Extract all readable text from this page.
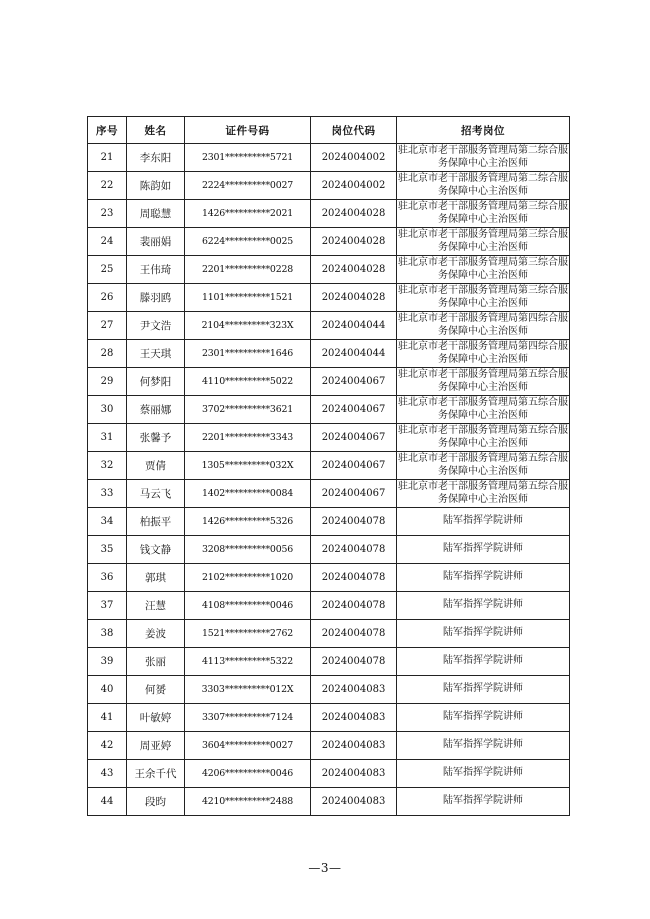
序号	姓名	证件号码	岗位代码	招考岗位
21	李东阳	2301**********5721	2024004002	驻北京市老干部服务管理局第二综合服务保障中心主治医师
22	陈韵如	2224**********0027	2024004002	驻北京市老干部服务管理局第二综合服务保障中心主治医师
23	周聪慧	1426**********2021	2024004028	驻北京市老干部服务管理局第三综合服务保障中心主治医师
24	裴丽娟	6224**********0025	2024004028	驻北京市老干部服务管理局第三综合服务保障中心主治医师
25	王伟琦	2201**********0228	2024004028	驻北京市老干部服务管理局第三综合服务保障中心主治医师
26	滕羽鸥	1101**********1521	2024004028	驻北京市老干部服务管理局第三综合服务保障中心主治医师
27	尹文浩	2104**********323X	2024004044	驻北京市老干部服务管理局第四综合服务保障中心主治医师
28	王天琪	2301**********1646	2024004044	驻北京市老干部服务管理局第四综合服务保障中心主治医师
29	何梦阳	4110**********5022	2024004067	驻北京市老干部服务管理局第五综合服务保障中心主治医师
30	蔡丽娜	3702**********3621	2024004067	驻北京市老干部服务管理局第五综合服务保障中心主治医师
31	张馨予	2201**********3343	2024004067	驻北京市老干部服务管理局第五综合服务保障中心主治医师
32	贾倩	1305**********032X	2024004067	驻北京市老干部服务管理局第五综合服务保障中心主治医师
33	马云飞	1402**********0084	2024004067	驻北京市老干部服务管理局第五综合服务保障中心主治医师
34	柏振平	1426**********5326	2024004078	陆军指挥学院讲师
35	钱文静	3208**********0056	2024004078	陆军指挥学院讲师
36	郭琪	2102**********1020	2024004078	陆军指挥学院讲师
37	汪慧	4108**********0046	2024004078	陆军指挥学院讲师
38	姜波	1521**********2762	2024004078	陆军指挥学院讲师
39	张丽	4113**********5322	2024004078	陆军指挥学院讲师
40	何赟	3303**********012X	2024004083	陆军指挥学院讲师
41	叶敏婷	3307**********7124	2024004083	陆军指挥学院讲师
42	周亚婷	3604**********0027	2024004083	陆军指挥学院讲师
43	王余千代	4206**********0046	2024004083	陆军指挥学院讲师
44	段昀	4210**********2488	2024004083	陆军指挥学院讲师
—3—
